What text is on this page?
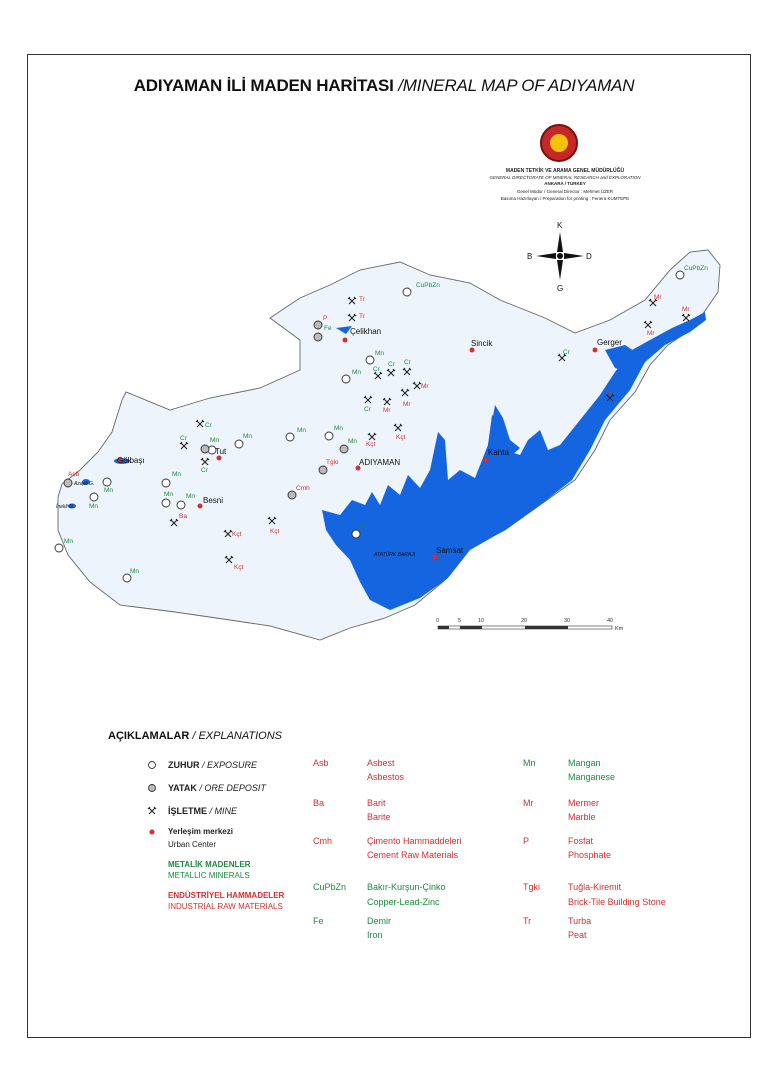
ADIYAMAN İLİ MADEN HARİTASI /MINERAL MAP OF ADIYAMAN
MADEN TETKİK VE ARAMA GENEL MÜDÜRLÜĞÜ
GENERAL DIRECTORATE OF MINERAL RESEARCH and EXPLORATION
ANKARA / TURKEY
Genel Müdür / General Director : Mehmet ÜZER
Basıma Hazırlayan / Preparation for printing : Fenera KUMTEPE
Çelikhan
Sincik	Gerger
Gölbaşı
Tut
Besni
ADIYAMAN
Kahta
Samsat
ATATÜRK BARAJI
Azapli G.
İnekli G.
CuPbZn
CuPbZn
Tr
Tr
P
Fe
Mr
Mr
Mr
Mn
Mn Cr
Cr Cr
Cr
Mr
Mr
Mr
Cr
Mr
Cr
Cr	Mn
Mn
Mn	Mn
Mn Kçt
Kçt
Cr
Tgki
Cmh
Asb
Mn
Mn
Mn
Mn Mn
Ba
Kçt	Kçt
Kçt
Mn
Mn
Mn
K
G
D
B
0	5	10	20	30	40
Km
AÇIKLAMALAR / EXPLANATIONS
ZUHUR / EXPOSURE
YATAK / ORE DEPOSIT
İŞLETME / MINE
Yerleşim merkezi
Urban Center
METALİK MADENLER
METALLIC MINERALS
ENDÜSTRİYEL HAMMADELER
INDUSTRIAL RAW MATERIALS
Asb	Asbest
Asbestos
Ba	Barit
Barite
Cmh	Çimento Hammaddeleri
Cement Raw Materials
CuPbZn Bakır-Kurşun-Çinko
Copper-Lead-Zinc
Fe	Demir
Iron
Mn	Mangan
Manganese
Mr	Mermer
Marble
P	Fosfat
Phosphate
Tgki	Tuğla-Kiremit
Brick-Tile Building Stone
Tr	Turba
Peat
